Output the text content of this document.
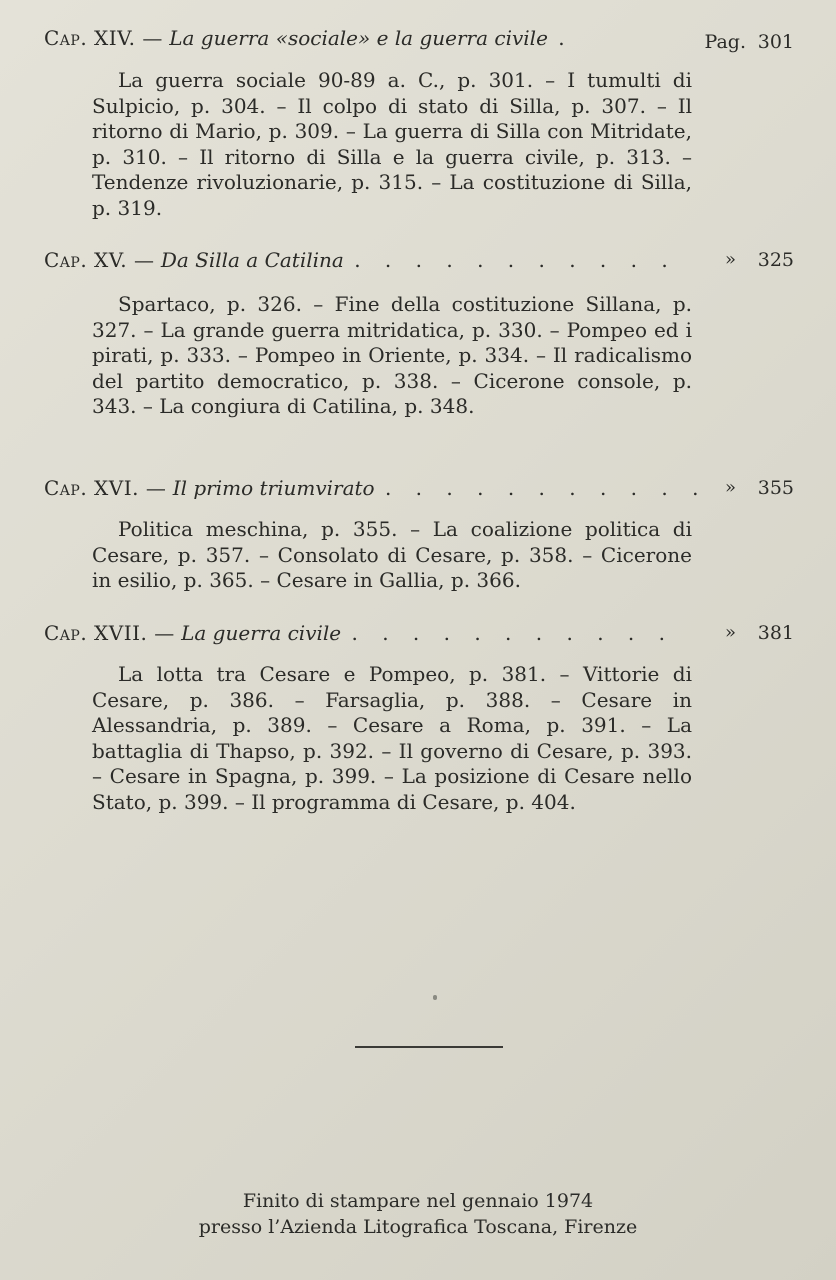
Cap. XIV. — La guerra «sociale» e la guerra civile .	Pag. 301

La guerra sociale 90-89 a. C., p. 301. – I tumulti di Sulpicio, p. 304. – Il colpo di stato di Silla, p. 307. – Il ritorno di Mario, p. 309. – La guerra di Silla con Mitridate, p. 310. – Il ritorno di Silla e la guerra civile, p. 313. – Tendenze rivoluzionarie, p. 315. – La costituzione di Silla, p. 319.

Cap. XV. — Da Silla a Catilina . . . . . . . . . . .	» 325

Spartaco, p. 326. – Fine della costituzione Sillana, p. 327. – La grande guerra mitridatica, p. 330. – Pompeo ed i pirati, p. 333. – Pompeo in Oriente, p. 334. – Il radicalismo del partito democratico, p. 338. – Cicerone console, p. 343. – La congiura di Catilina, p. 348.

Cap. XVI. — Il primo triumvirato . . . . . . . . . . . » 355

Politica meschina, p. 355. – La coalizione politica di Cesare, p. 357. – Consolato di Cesare, p. 358. – Cicerone in esilio, p. 365. – Cesare in Gallia, p. 366.

Cap. XVII. — La guerra civile . . . . . . . . . . .	» 381

La lotta tra Cesare e Pompeo, p. 381. – Vittorie di Cesare, p. 386. – Farsaglia, p. 388. – Cesare in Alessandria, p. 389. – Cesare a Roma, p. 391. – La battaglia di Thapso, p. 392. – Il governo di Cesare, p. 393. – Cesare in Spagna, p. 399. – La posizione di Cesare nello Stato, p. 399. – Il programma di Cesare, p. 404.

Finito di stampare nel gennaio 1974
presso l’Azienda Litografica Toscana, Firenze
